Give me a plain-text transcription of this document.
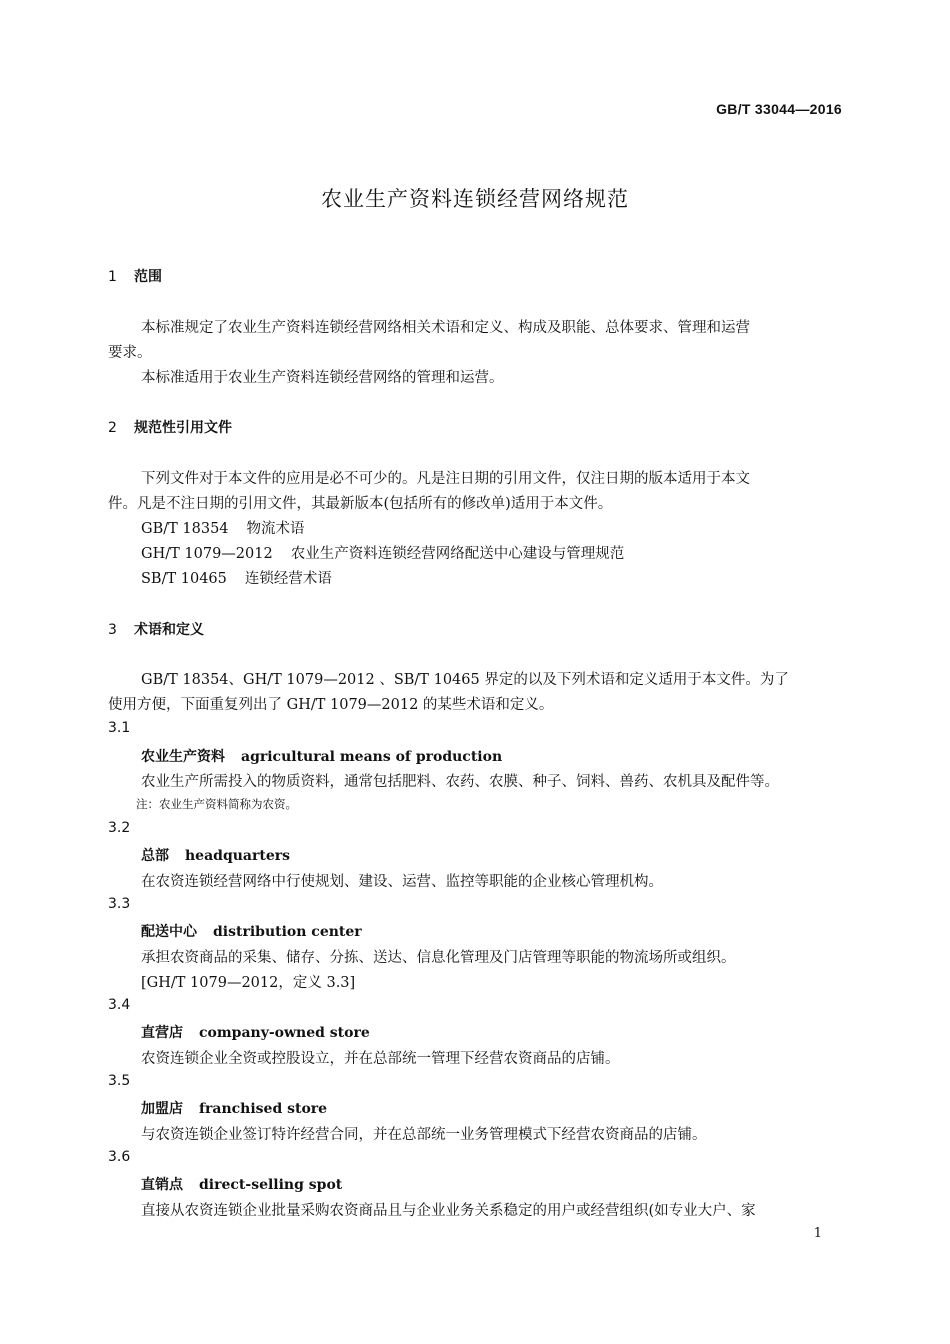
GB/T 33044—2016
农业生产资料连锁经营网络规范
1 范围
本标准规定了农业生产资料连锁经营网络相关术语和定义、构成及职能、总体要求、管理和运营
要求。
本标准适用于农业生产资料连锁经营网络的管理和运营。
2 规范性引用文件
下列文件对于本文件的应用是必不可少的。凡是注日期的引用文件，仅注日期的版本适用于本文
件。凡是不注日期的引用文件，其最新版本(包括所有的修改单)适用于本文件。
GB/T 18354 物流术语
GH/T 1079—2012 农业生产资料连锁经营网络配送中心建设与管理规范
SB/T 10465 连锁经营术语
3 术语和定义
GB/T 18354、GH/T 1079—2012 、SB/T 10465 界定的以及下列术语和定义适用于本文件。为了
使用方便，下面重复列出了 GH/T 1079—2012 的某些术语和定义。
3.1
农业生产资料 agricultural means of production
农业生产所需投入的物质资料，通常包括肥料、农药、农膜、种子、饲料、兽药、农机具及配件等。
注：农业生产资料简称为农资。
3.2
总部 headquarters
在农资连锁经营网络中行使规划、建设、运营、监控等职能的企业核心管理机构。
3.3
配送中心 distribution center
承担农资商品的采集、储存、分拣、送达、信息化管理及门店管理等职能的物流场所或组织。
[GH/T 1079—2012，定义 3.3]
3.4
直营店 company-owned store
农资连锁企业全资或控股设立，并在总部统一管理下经营农资商品的店铺。
3.5
加盟店 franchised store
与农资连锁企业签订特许经营合同，并在总部统一业务管理模式下经营农资商品的店铺。
3.6
直销点 direct-selling spot
直接从农资连锁企业批量采购农资商品且与企业业务关系稳定的用户或经营组织(如专业大户、家
1
